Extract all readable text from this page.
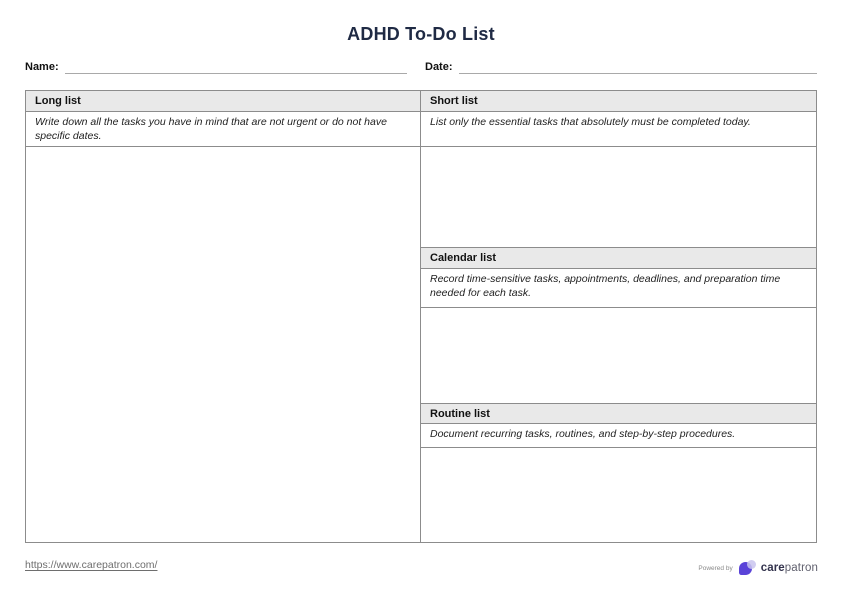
ADHD To-Do List
Name:	Date:
Long list
Write down all the tasks you have in mind that are not urgent or do not have specific dates.
Short list
List only the essential tasks that absolutely must be completed today.
Calendar list
Record time-sensitive tasks, appointments, deadlines, and preparation time needed for each task.
Routine list
Document recurring tasks, routines, and step-by-step procedures.
https://www.carepatron.com/	Powered by carepatron
